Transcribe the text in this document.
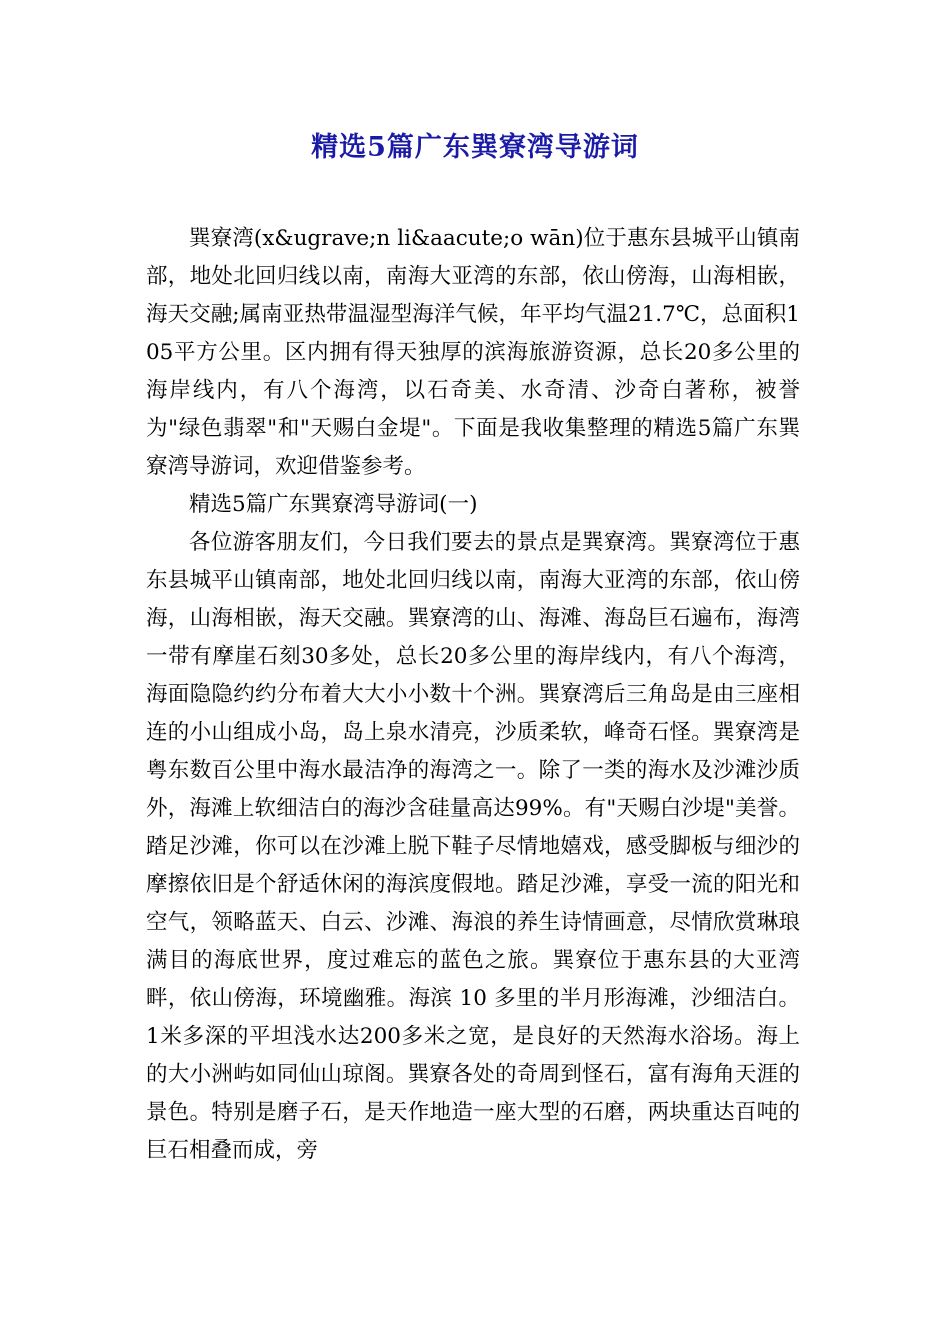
精选5篇广东巽寮湾导游词

巽寮湾(x&ugrave;n li&aacute;o wān)位于惠东县城平山镇南部，地处北回归线以南，南海大亚湾的东部，依山傍海，山海相嵌，海天交融;属南亚热带温湿型海洋气候，年平均气温21.7℃，总面积105平方公里。区内拥有得天独厚的滨海旅游资源，总长20多公里的海岸线内，有八个海湾，以石奇美、水奇清、沙奇白著称，被誉为"绿色翡翠"和"天赐白金堤"。下面是我收集整理的精选5篇广东巽寮湾导游词，欢迎借鉴参考。

精选5篇广东巽寮湾导游词(一)

各位游客朋友们，今日我们要去的景点是巽寮湾。巽寮湾位于惠东县城平山镇南部，地处北回归线以南，南海大亚湾的东部，依山傍海，山海相嵌，海天交融。巽寮湾的山、海滩、海岛巨石遍布，海湾一带有摩崖石刻30多处，总长20多公里的海岸线内，有八个海湾，海面隐隐约约分布着大大小小数十个洲。巽寮湾后三角岛是由三座相连的小山组成小岛，岛上泉水清亮，沙质柔软，峰奇石怪。巽寮湾是粤东数百公里中海水最洁净的海湾之一。除了一类的海水及沙滩沙质外，海滩上软细洁白的海沙含硅量高达99%。有"天赐白沙堤"美誉。踏足沙滩，你可以在沙滩上脱下鞋子尽情地嬉戏，感受脚板与细沙的摩擦依旧是个舒适休闲的海滨度假地。踏足沙滩，享受一流的阳光和空气，领略蓝天、白云、沙滩、海浪的养生诗情画意，尽情欣赏琳琅满目的海底世界，度过难忘的蓝色之旅。巽寮位于惠东县的大亚湾畔，依山傍海，环境幽雅。海滨 10 多里的半月形海滩，沙细洁白。1米多深的平坦浅水达200多米之宽，是良好的天然海水浴场。海上的大小洲屿如同仙山琼阁。巽寮各处的奇周到怪石，富有海角天涯的景色。特别是磨子石，是天作地造一座大型的石磨，两块重达百吨的巨石相叠而成，旁
